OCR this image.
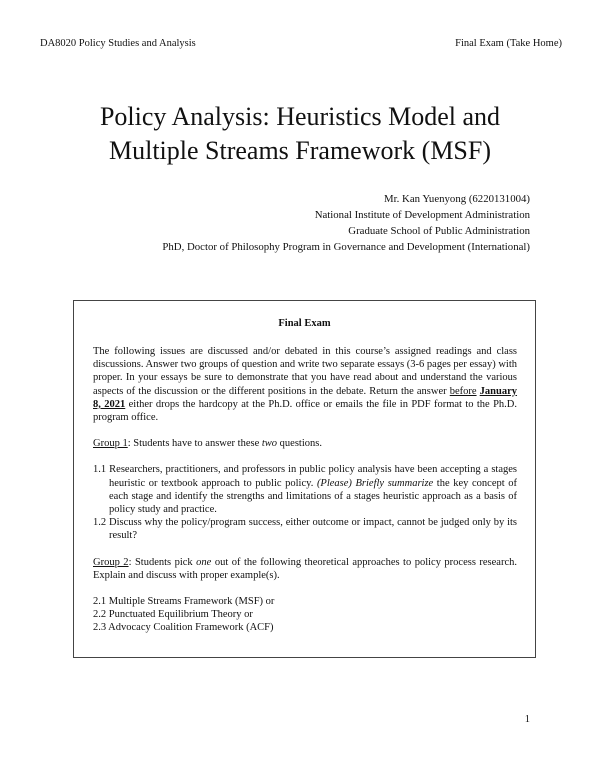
DA8020 Policy Studies and Analysis	Final Exam (Take Home)
Policy Analysis: Heuristics Model and
Multiple Streams Framework (MSF)
Mr. Kan Yuenyong (6220131004)
National Institute of Development Administration
Graduate School of Public Administration
PhD, Doctor of Philosophy Program in Governance and Development (International)
Final Exam

The following issues are discussed and/or debated in this course’s assigned readings and class discussions. Answer two groups of question and write two separate essays (3-6 pages per essay) with proper. In your essays be sure to demonstrate that you have read about and understand the various aspects of the discussion or the different positions in the debate. Return the answer before January 8, 2021 either drops the hardcopy at the Ph.D. office or emails the file in PDF format to the Ph.D. program office.

Group 1: Students have to answer these two questions.

1.1 Researchers, practitioners, and professors in public policy analysis have been accepting a stages heuristic or textbook approach to public policy. (Please) Briefly summarize the key concept of each stage and identify the strengths and limitations of a stages heuristic approach as a basis of policy study and practice.

1.2 Discuss why the policy/program success, either outcome or impact, cannot be judged only by its result?

Group 2: Students pick one out of the following theoretical approaches to policy process research. Explain and discuss with proper example(s).

2.1 Multiple Streams Framework (MSF) or
2.2 Punctuated Equilibrium Theory or
2.3 Advocacy Coalition Framework (ACF)
1
